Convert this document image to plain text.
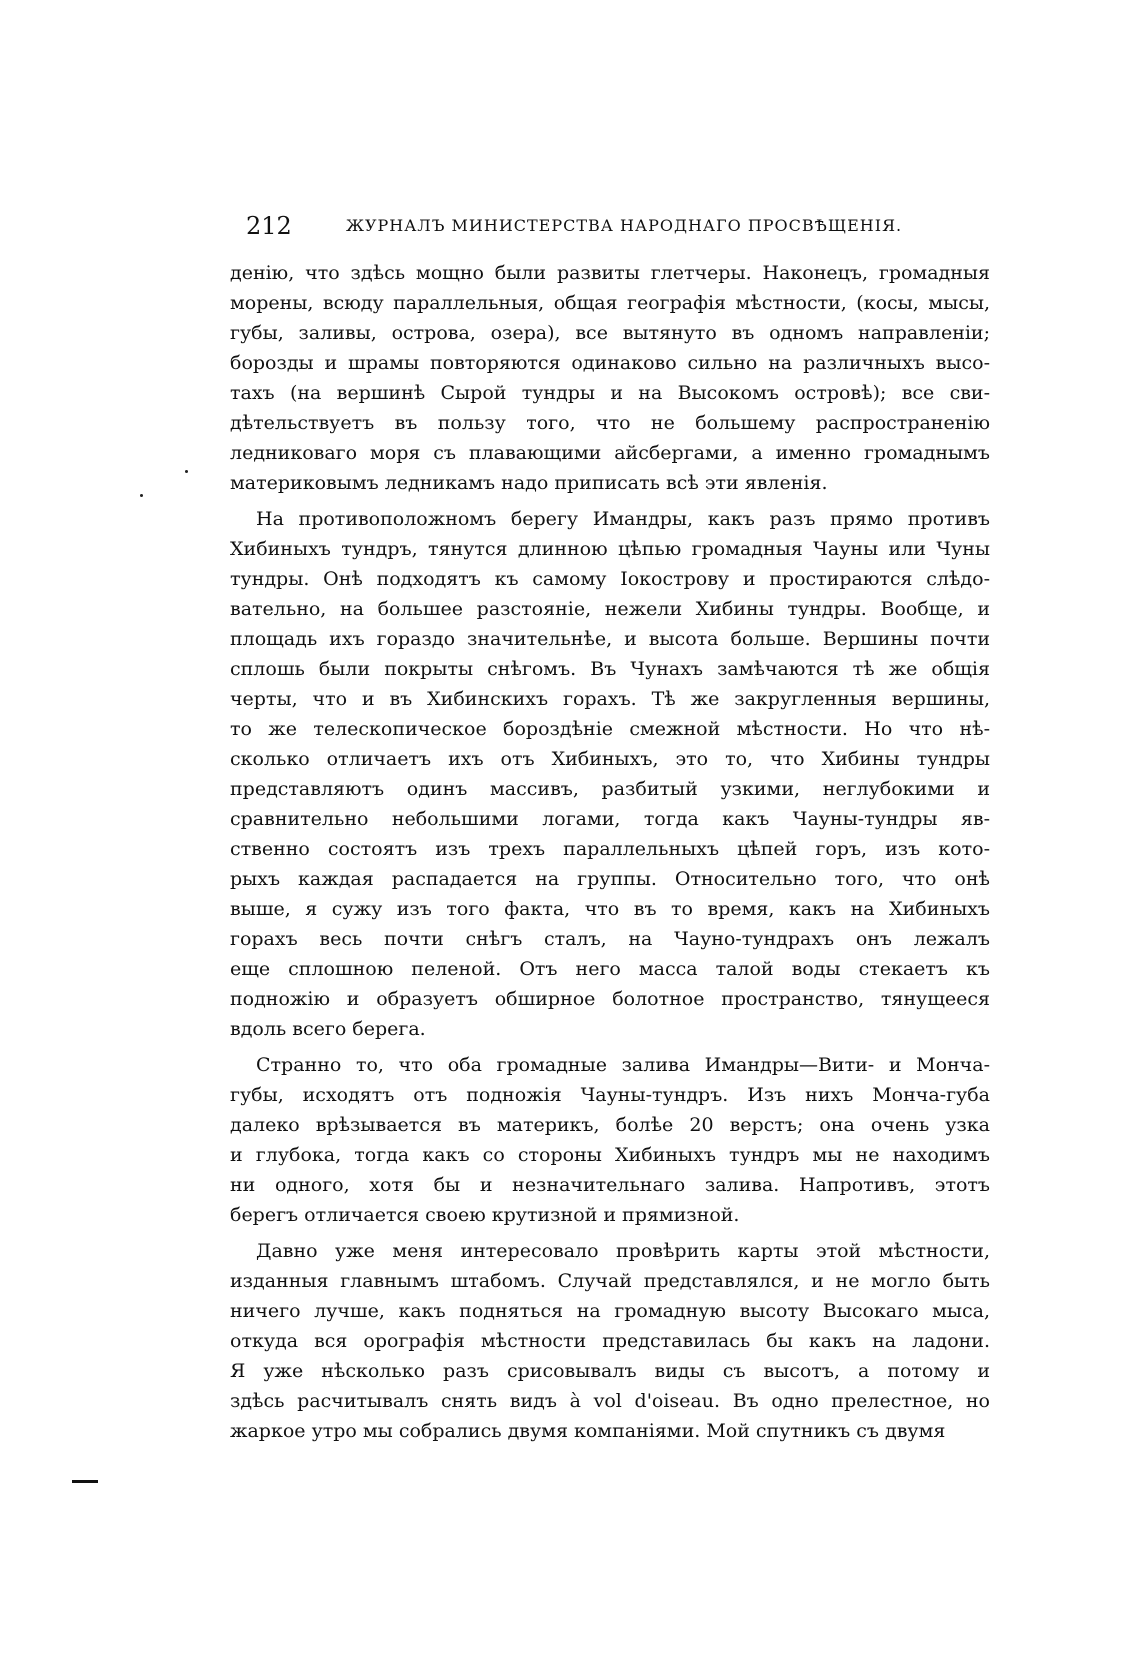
212	ЖУРНАЛЪ МИНИСТЕРСТВА НАРОДНАГО ПРОСВѢЩЕНІЯ.
денію, что здѣсь мощно были развиты глетчеры. Наконецъ, громадныя
морены, всюду параллельныя, общая географія мѣстности, (косы, мысы,
губы, заливы, острова, озера), все вытянуто въ одномъ направленіи;
борозды и шрамы повторяются одинаково сильно на различныхъ высо-
тахъ (на вершинѣ Сырой тундры и на Высокомъ островѣ); все сви-
дѣтельствуетъ въ пользу того, что не большему распространенію
ледниковаго моря съ плавающими айсбергами, а именно громаднымъ
материковымъ ледникамъ надо приписать всѣ эти явленія.
На противоположномъ берегу Имандры, какъ разъ прямо противъ
Хибиныхъ тундръ, тянутся длинною цѣпью громадныя Чауны или Чуны
тундры. Онѣ подходятъ къ самому Іокострову и простираются слѣдо-
вательно, на большее разстояніе, нежели Хибины тундры. Вообще, и
площадь ихъ гораздо значительнѣе, и высота больше. Вершины почти
сплошь были покрыты снѣгомъ. Въ Чунахъ замѣчаются тѣ же общія
черты, что и въ Хибинскихъ горахъ. Тѣ же закругленныя вершины,
то же телескопическое бороздѣніе смежной мѣстности. Но что нѣ-
сколько отличаетъ ихъ отъ Хибиныхъ, это то, что Хибины тундры
представляютъ одинъ массивъ, разбитый узкими, неглубокими и
сравнительно небольшими логами, тогда какъ Чауны-тундры яв-
ственно состоятъ изъ трехъ параллельныхъ цѣпей горъ, изъ кото-
рыхъ каждая распадается на группы. Относительно того, что онѣ
выше, я сужу изъ того факта, что въ то время, какъ на Хибиныхъ
горахъ весь почти снѣгъ сталъ, на Чауно-тундрахъ онъ лежалъ
еще сплошною пеленой. Отъ него масса талой воды стекаетъ къ
подножію и образуетъ обширное болотное пространство, тянущееся
вдоль всего берега.
Странно то, что оба громадные залива Имандры—Вити- и Монча-
губы, исходятъ отъ подножія Чауны-тундръ. Изъ нихъ Монча-губа
далеко врѣзывается въ материкъ, болѣе 20 верстъ; она очень узка
и глубока, тогда какъ со стороны Хибиныхъ тундръ мы не находимъ
ни одного, хотя бы и незначительнаго залива. Напротивъ, этотъ
берегъ отличается своею крутизной и прямизной.
Давно уже меня интересовало провѣрить карты этой мѣстности,
изданныя главнымъ штабомъ. Случай представлялся, и не могло быть
ничего лучше, какъ подняться на громадную высоту Высокаго мыса,
откуда вся орографія мѣстности представилась бы какъ на ладони.
Я уже нѣсколько разъ срисовывалъ виды съ высотъ, а потому и
здѣсь расчитывалъ снять видъ à vol d'oiseau. Въ одно прелестное, но
жаркое утро мы собрались двумя компаніями. Мой спутникъ съ двумя
